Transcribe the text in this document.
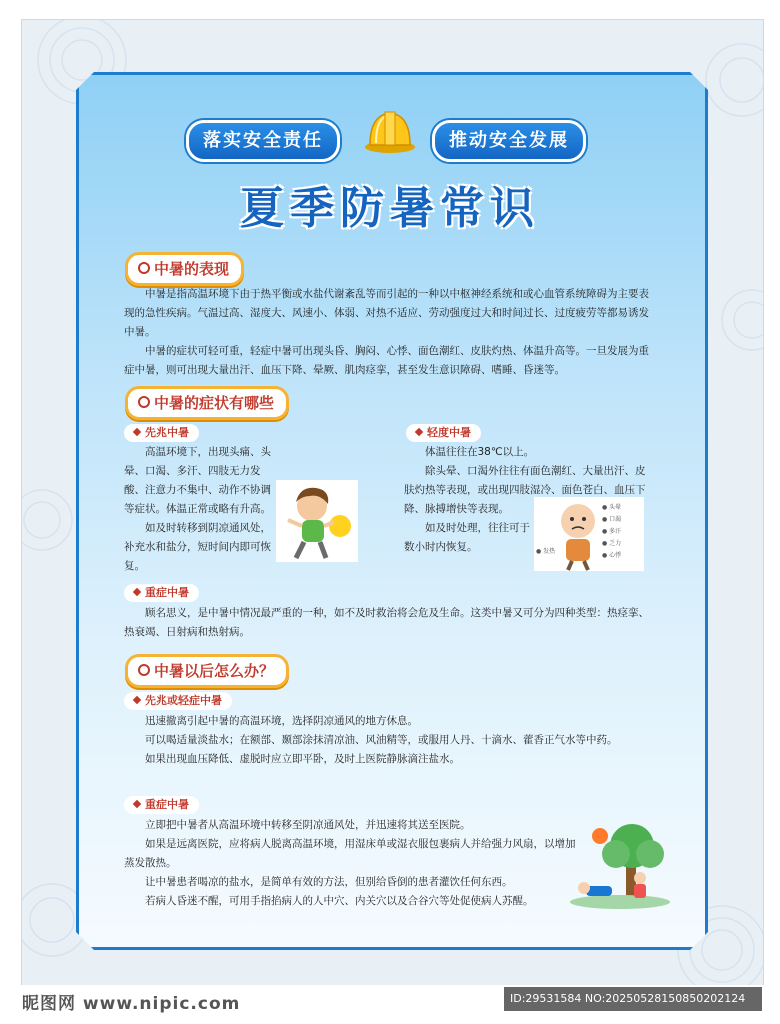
落实安全责任	推动安全发展
夏季防暑常识
中暑的表现

中暑是指高温环境下由于热平衡或水盐代谢紊乱等而引起的一种以中枢神经系统和或心血管系统障碍为主要表现的急性疾病。气温过高、湿度大、风速小、体弱、对热不适应、劳动强度过大和时间过长、过度疲劳等都易诱发中暑。

中暑的症状可轻可重，轻症中暑可出现头昏、胸闷、心悸、面色潮红、皮肤灼热、体温升高等。一旦发展为重症中暑，则可出现大量出汗、血压下降、晕厥、肌肉痉挛，甚至发生意识障碍、嗜睡、昏迷等。

中暑的症状有哪些
先兆中暑

高温环境下，出现头痛、头晕、口渴、多汗、四肢无力发酸、注意力不集中、动作不协调等症状。体温正常或略有升高。

如及时转移到阴凉通风处，补充水和盐分，短时间内即可恢复。

轻度中暑

体温往往在38℃以上。

除头晕、口渴外往往有面色潮红、大量出汗、皮肤灼热等表现，或出现四肢湿冷、面色苍白、血压下降、脉搏增快等表现。

如及时处理，往往可于数小时内恢复。

● 头晕
● 口渴
● 多汗
● 乏力
● 心悸
● 发热
重症中暑

顾名思义，是中暑中情况最严重的一种，如不及时救治将会危及生命。这类中暑又可分为四种类型：热痉挛、热衰竭、日射病和热射病。

中暑以后怎么办？
先兆或轻症中暑

迅速撤离引起中暑的高温环境，选择阴凉通风的地方休息。

可以喝适量淡盐水；在额部、颞部涂抹清凉油、风油精等，或服用人丹、十滴水、藿香正气水等中药。

如果出现血压降低、虚脱时应立即平卧，及时上医院静脉滴注盐水。

重症中暑

立即把中暑者从高温环境中转移至阴凉通风处，并迅速将其送至医院。

如果是远离医院，应将病人脱离高温环境，用湿床单或湿衣服包裹病人并给强力风扇，以增加蒸发散热。

让中暑患者喝凉的盐水，是简单有效的方法，但别给昏倒的患者灌饮任何东西。

若病人昏迷不醒，可用手指掐病人的人中穴、内关穴以及合谷穴等处促使病人苏醒。

昵图网 www.nipic.com	ID:29531584 NO:20250528150850202124
